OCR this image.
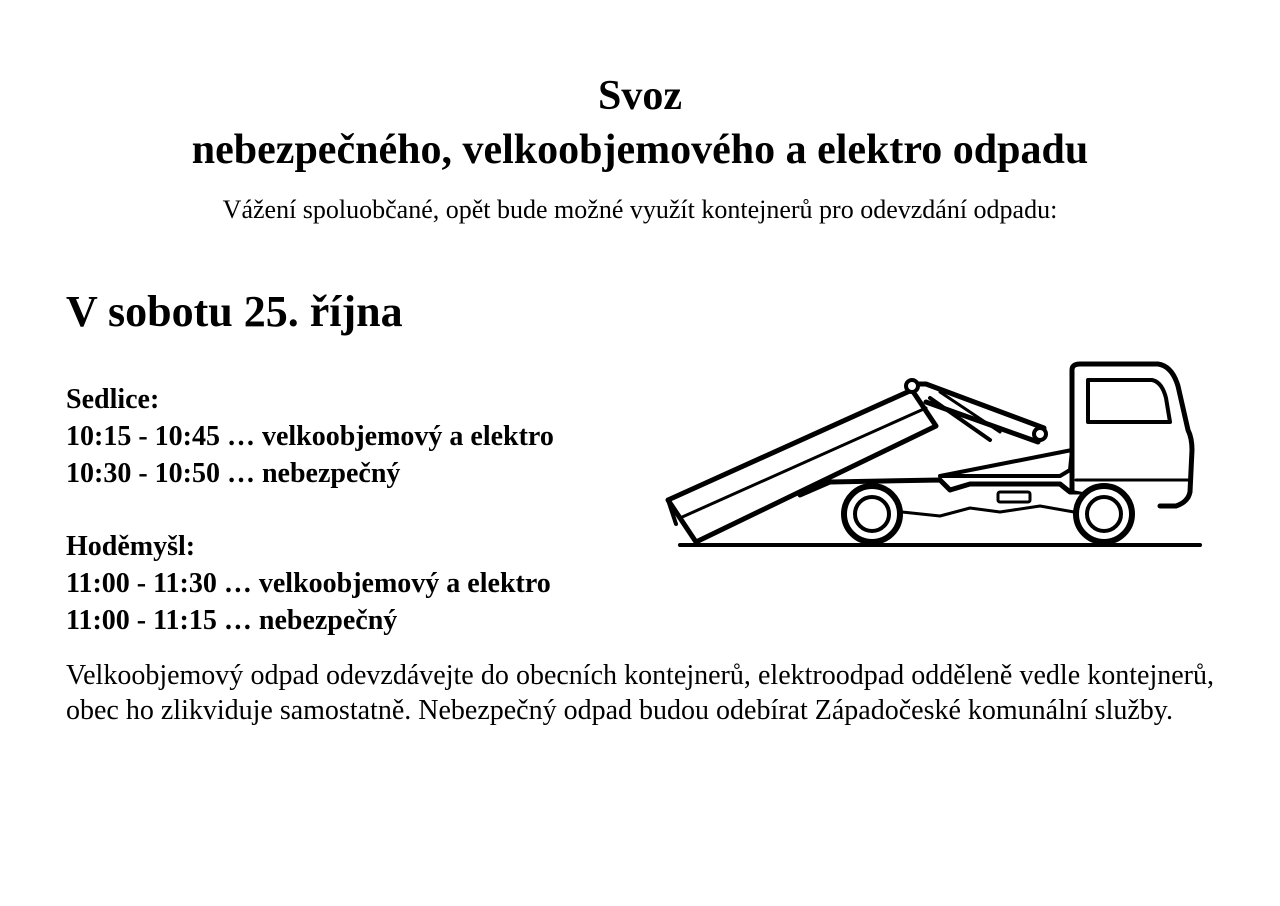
Svoz
nebezpečného, velkoobjemového a elektro odpadu

Vážení spoluobčané, opět bude možné využít kontejnerů pro odevzdání odpadu:

V sobotu 25. října
Sedlice:
10:15 - 10:45 … velkoobjemový a elektro
10:30 - 10:50 … nebezpečný
Hoděmyšl:
11:00 - 11:30 … velkoobjemový a elektro
11:00 - 11:15 … nebezpečný

Velkoobjemový odpad odevzdávejte do obecních kontejnerů, elektroodpad odděleně vedle kontejnerů, obec ho zlikviduje samostatně. Nebezpečný odpad budou odebírat Západočeské komunální služby.
